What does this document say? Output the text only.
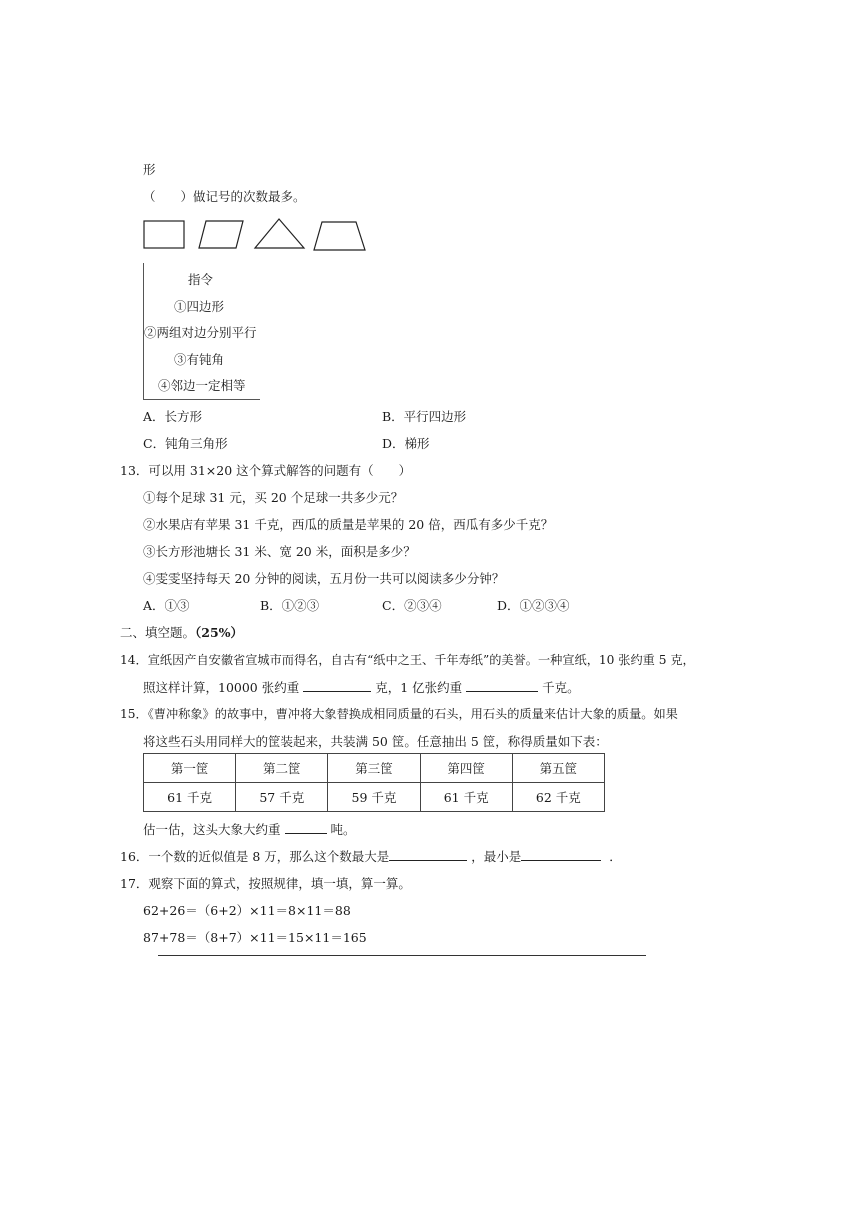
形
（　　）做记号的次数最多。
指令
①四边形
②两组对边分别平行
③有钝角
④邻边一定相等
A．长方形	B．平行四边形
C．钝角三角形	D．梯形
13．可以用 31×20 这个算式解答的问题有（　　）
①每个足球 31 元，买 20 个足球一共多少元？
②水果店有苹果 31 千克，西瓜的质量是苹果的 20 倍，西瓜有多少千克？
③长方形池塘长 31 米、宽 20 米，面积是多少？
④雯雯坚持每天 20 分钟的阅读，五月份一共可以阅读多少分钟？
A．①③	B．①②③	C．②③④	D．①②③④
二、填空题。（25%）
14．宣纸因产自安徽省宣城市而得名，自古有“纸中之王、千年寿纸”的美誉。一种宣纸，10 张约重 5 克，
照这样计算，10000 张约重	克，1 亿张约重	千克。
15．《曹冲称象》的故事中，曹冲将大象替换成相同质量的石头，用石头的质量来估计大象的质量。如果
将这些石头用同样大的筐装起来，共装满 50 筐。任意抽出 5 筐，称得质量如下表：
第一筐	第二筐	第三筐	第四筐	第五筐
61 千克	57 千克	59 千克	61 千克	62 千克
估一估，这头大象大约重	吨。
16．一个数的近似值是 8 万，那么这个数最大是	，最小是	．
17．观察下面的算式，按照规律，填一填，算一算。
62+26＝（6+2）×11＝8×11＝88
87+78＝（8+7）×11＝15×11＝165
